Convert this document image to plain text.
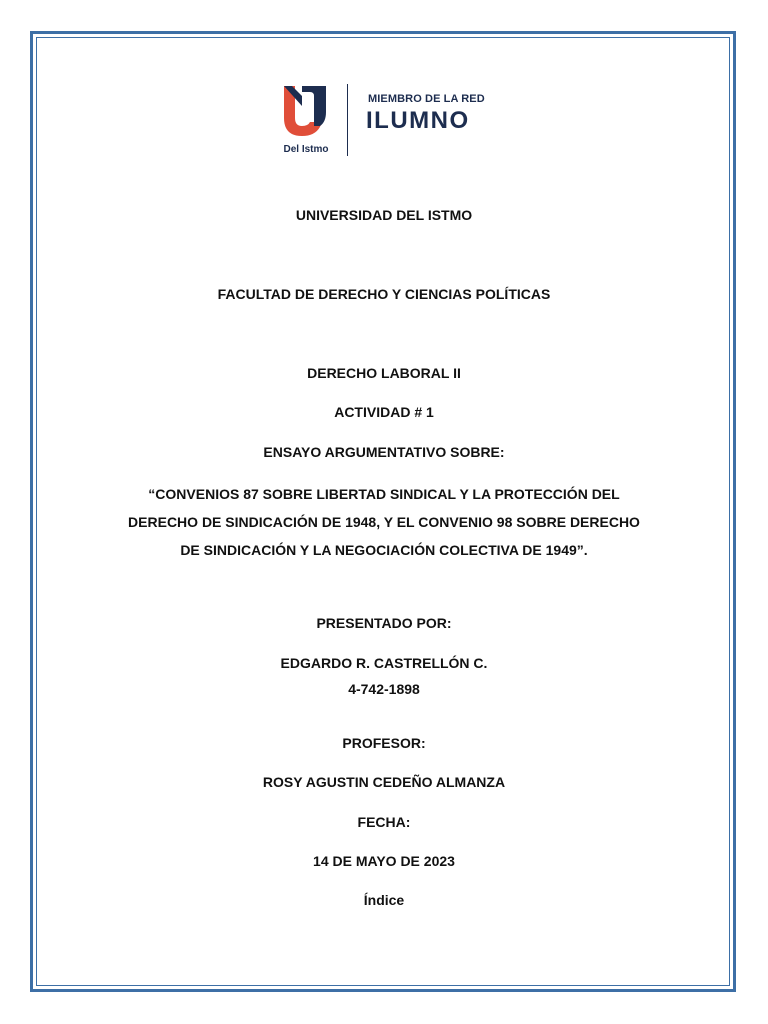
Del Istmo
MIEMBRO DE LA RED
ILUMNO
UNIVERSIDAD DEL ISTMO
FACULTAD DE DERECHO Y CIENCIAS POLÍTICAS
DERECHO LABORAL II
ACTIVIDAD # 1
ENSAYO ARGUMENTATIVO SOBRE:
“CONVENIOS 87 SOBRE LIBERTAD SINDICAL Y LA PROTECCIÓN DEL
DERECHO DE SINDICACIÓN DE 1948, Y EL CONVENIO 98 SOBRE DERECHO
DE SINDICACIÓN Y LA NEGOCIACIÓN COLECTIVA DE 1949”.
PRESENTADO POR:
EDGARDO R. CASTRELLÓN C.
4-742-1898
PROFESOR:
ROSY AGUSTIN CEDEÑO ALMANZA
FECHA:
14 DE MAYO DE 2023
Índice
